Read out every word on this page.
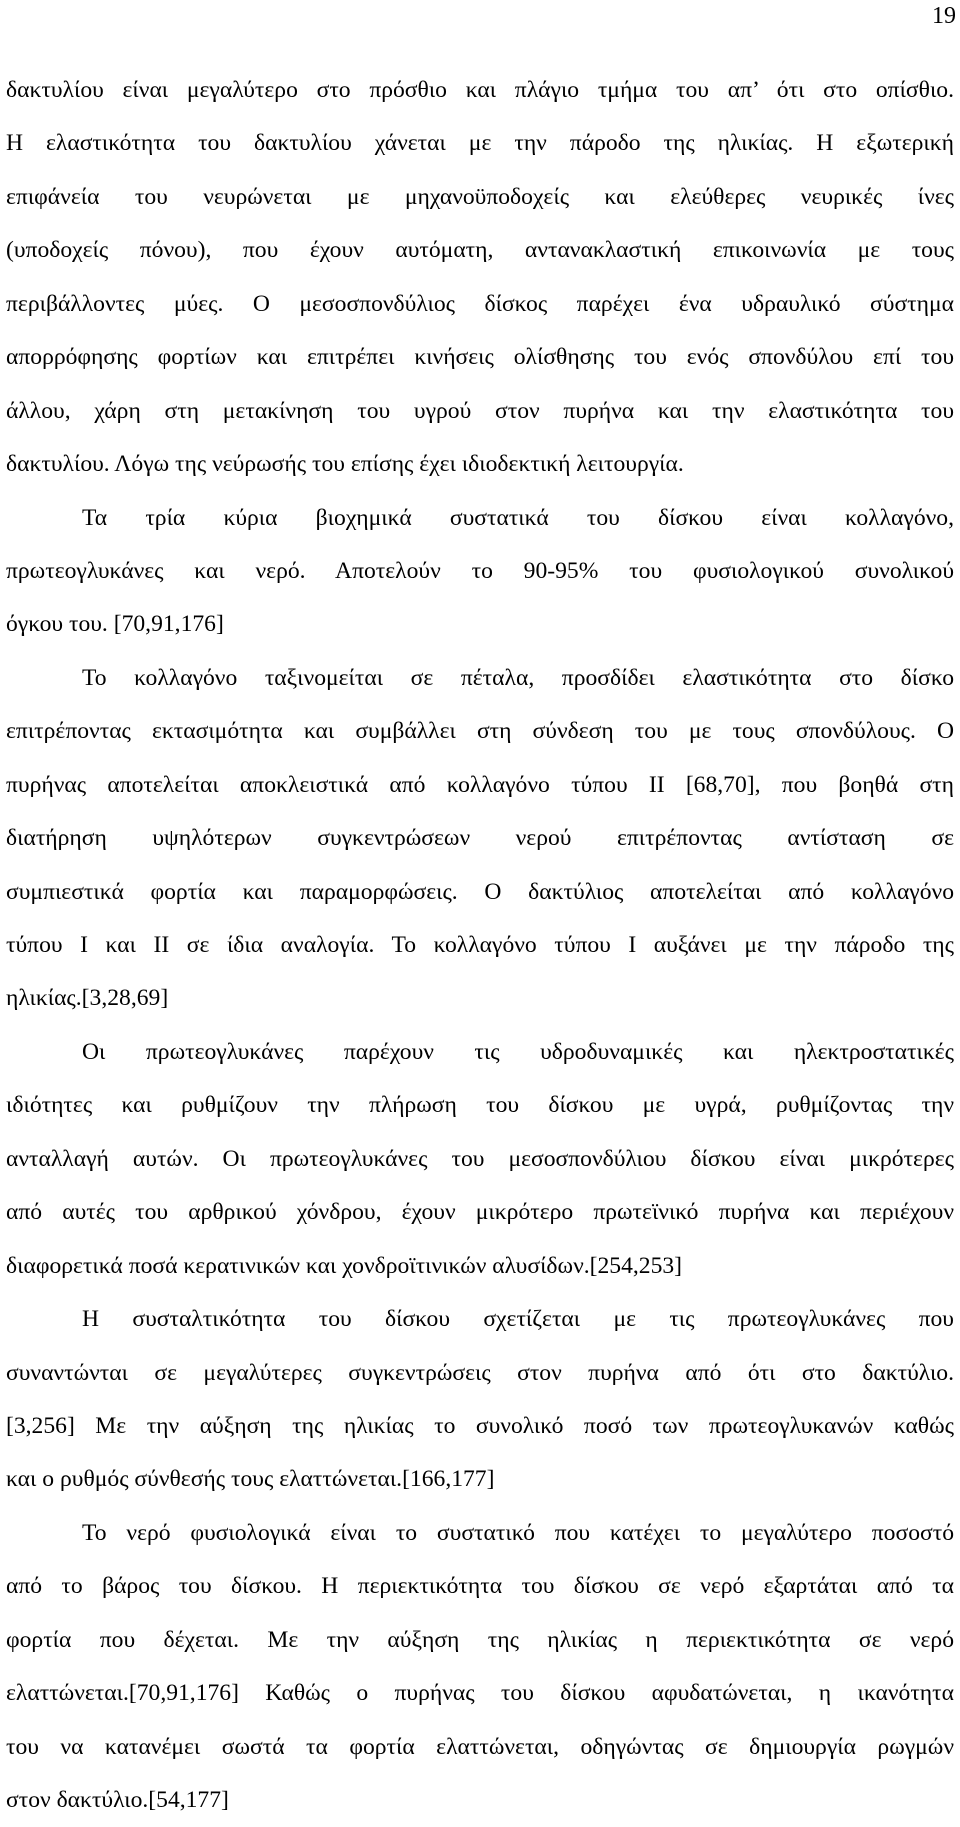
19
δακτυλίου είναι μεγαλύτερο στο πρόσθιο και πλάγιο τμήμα του απ’ ότι στο οπίσθιο.
Η ελαστικότητα του δακτυλίου χάνεται με την πάροδο της ηλικίας. Η εξωτερική
επιφάνεία του νευρώνεται με μηχανοϋποδοχείς και ελεύθερες νευρικές ίνες
(υποδοχείς πόνου), που έχουν αυτόματη, αντανακλαστική επικοινωνία με τους
περιβάλλοντες μύες. Ο μεσοσπονδύλιος δίσκος παρέχει ένα υδραυλικό σύστημα
απορρόφησης φορτίων και επιτρέπει κινήσεις ολίσθησης του ενός σπονδύλου επί του
άλλου, χάρη στη μετακίνηση του υγρού στον πυρήνα και την ελαστικότητα του
δακτυλίου. Λόγω της νεύρωσής του επίσης έχει ιδιοδεκτική λειτουργία.
Τα τρία κύρια βιοχημικά συστατικά του δίσκου είναι κολλαγόνο,
πρωτεογλυκάνες και νερό. Αποτελούν το 90-95% του φυσιολογικού συνολικού
όγκου του. [70,91,176]
Το κολλαγόνο ταξινομείται σε πέταλα, προσδίδει ελαστικότητα στο δίσκο
επιτρέποντας εκτασιμότητα και συμβάλλει στη σύνδεση του με τους σπονδύλους. Ο
πυρήνας αποτελείται αποκλειστικά από κολλαγόνο τύπου ΙΙ [68,70], που βοηθά στη
διατήρηση υψηλότερων συγκεντρώσεων νερού επιτρέποντας αντίσταση σε
συμπιεστικά φορτία και παραμορφώσεις. Ο δακτύλιος αποτελείται από κολλαγόνο
τύπου Ι και ΙΙ σε ίδια αναλογία. Το κολλαγόνο τύπου Ι αυξάνει με την πάροδο της
ηλικίας.[3,28,69]
Οι πρωτεογλυκάνες παρέχουν τις υδροδυναμικές και ηλεκτροστατικές
ιδιότητες και ρυθμίζουν την πλήρωση του δίσκου με υγρά, ρυθμίζοντας την
ανταλλαγή αυτών. Οι πρωτεογλυκάνες του μεσοσπονδύλιου δίσκου είναι μικρότερες
από αυτές του αρθρικού χόνδρου, έχουν μικρότερο πρωτεϊνικό πυρήνα και περιέχουν
διαφορετικά ποσά κερατινικών και χονδροϊτινικών αλυσίδων.[254,253]
Η συσταλτικότητα του δίσκου σχετίζεται με τις πρωτεογλυκάνες που
συναντώνται σε μεγαλύτερες συγκεντρώσεις στον πυρήνα από ότι στο δακτύλιο.
[3,256] Με την αύξηση της ηλικίας το συνολικό ποσό των πρωτεογλυκανών καθώς
και ο ρυθμός σύνθεσής τους ελαττώνεται.[166,177]
Το νερό φυσιολογικά είναι το συστατικό που κατέχει το μεγαλύτερο ποσοστό
από το βάρος του δίσκου. Η περιεκτικότητα του δίσκου σε νερό εξαρτάται από τα
φορτία που δέχεται. Με την αύξηση της ηλικίας η περιεκτικότητα σε νερό
ελαττώνεται.[70,91,176] Καθώς ο πυρήνας του δίσκου αφυδατώνεται, η ικανότητα
του να κατανέμει σωστά τα φορτία ελαττώνεται, οδηγώντας σε δημιουργία ρωγμών
στον δακτύλιο.[54,177]
